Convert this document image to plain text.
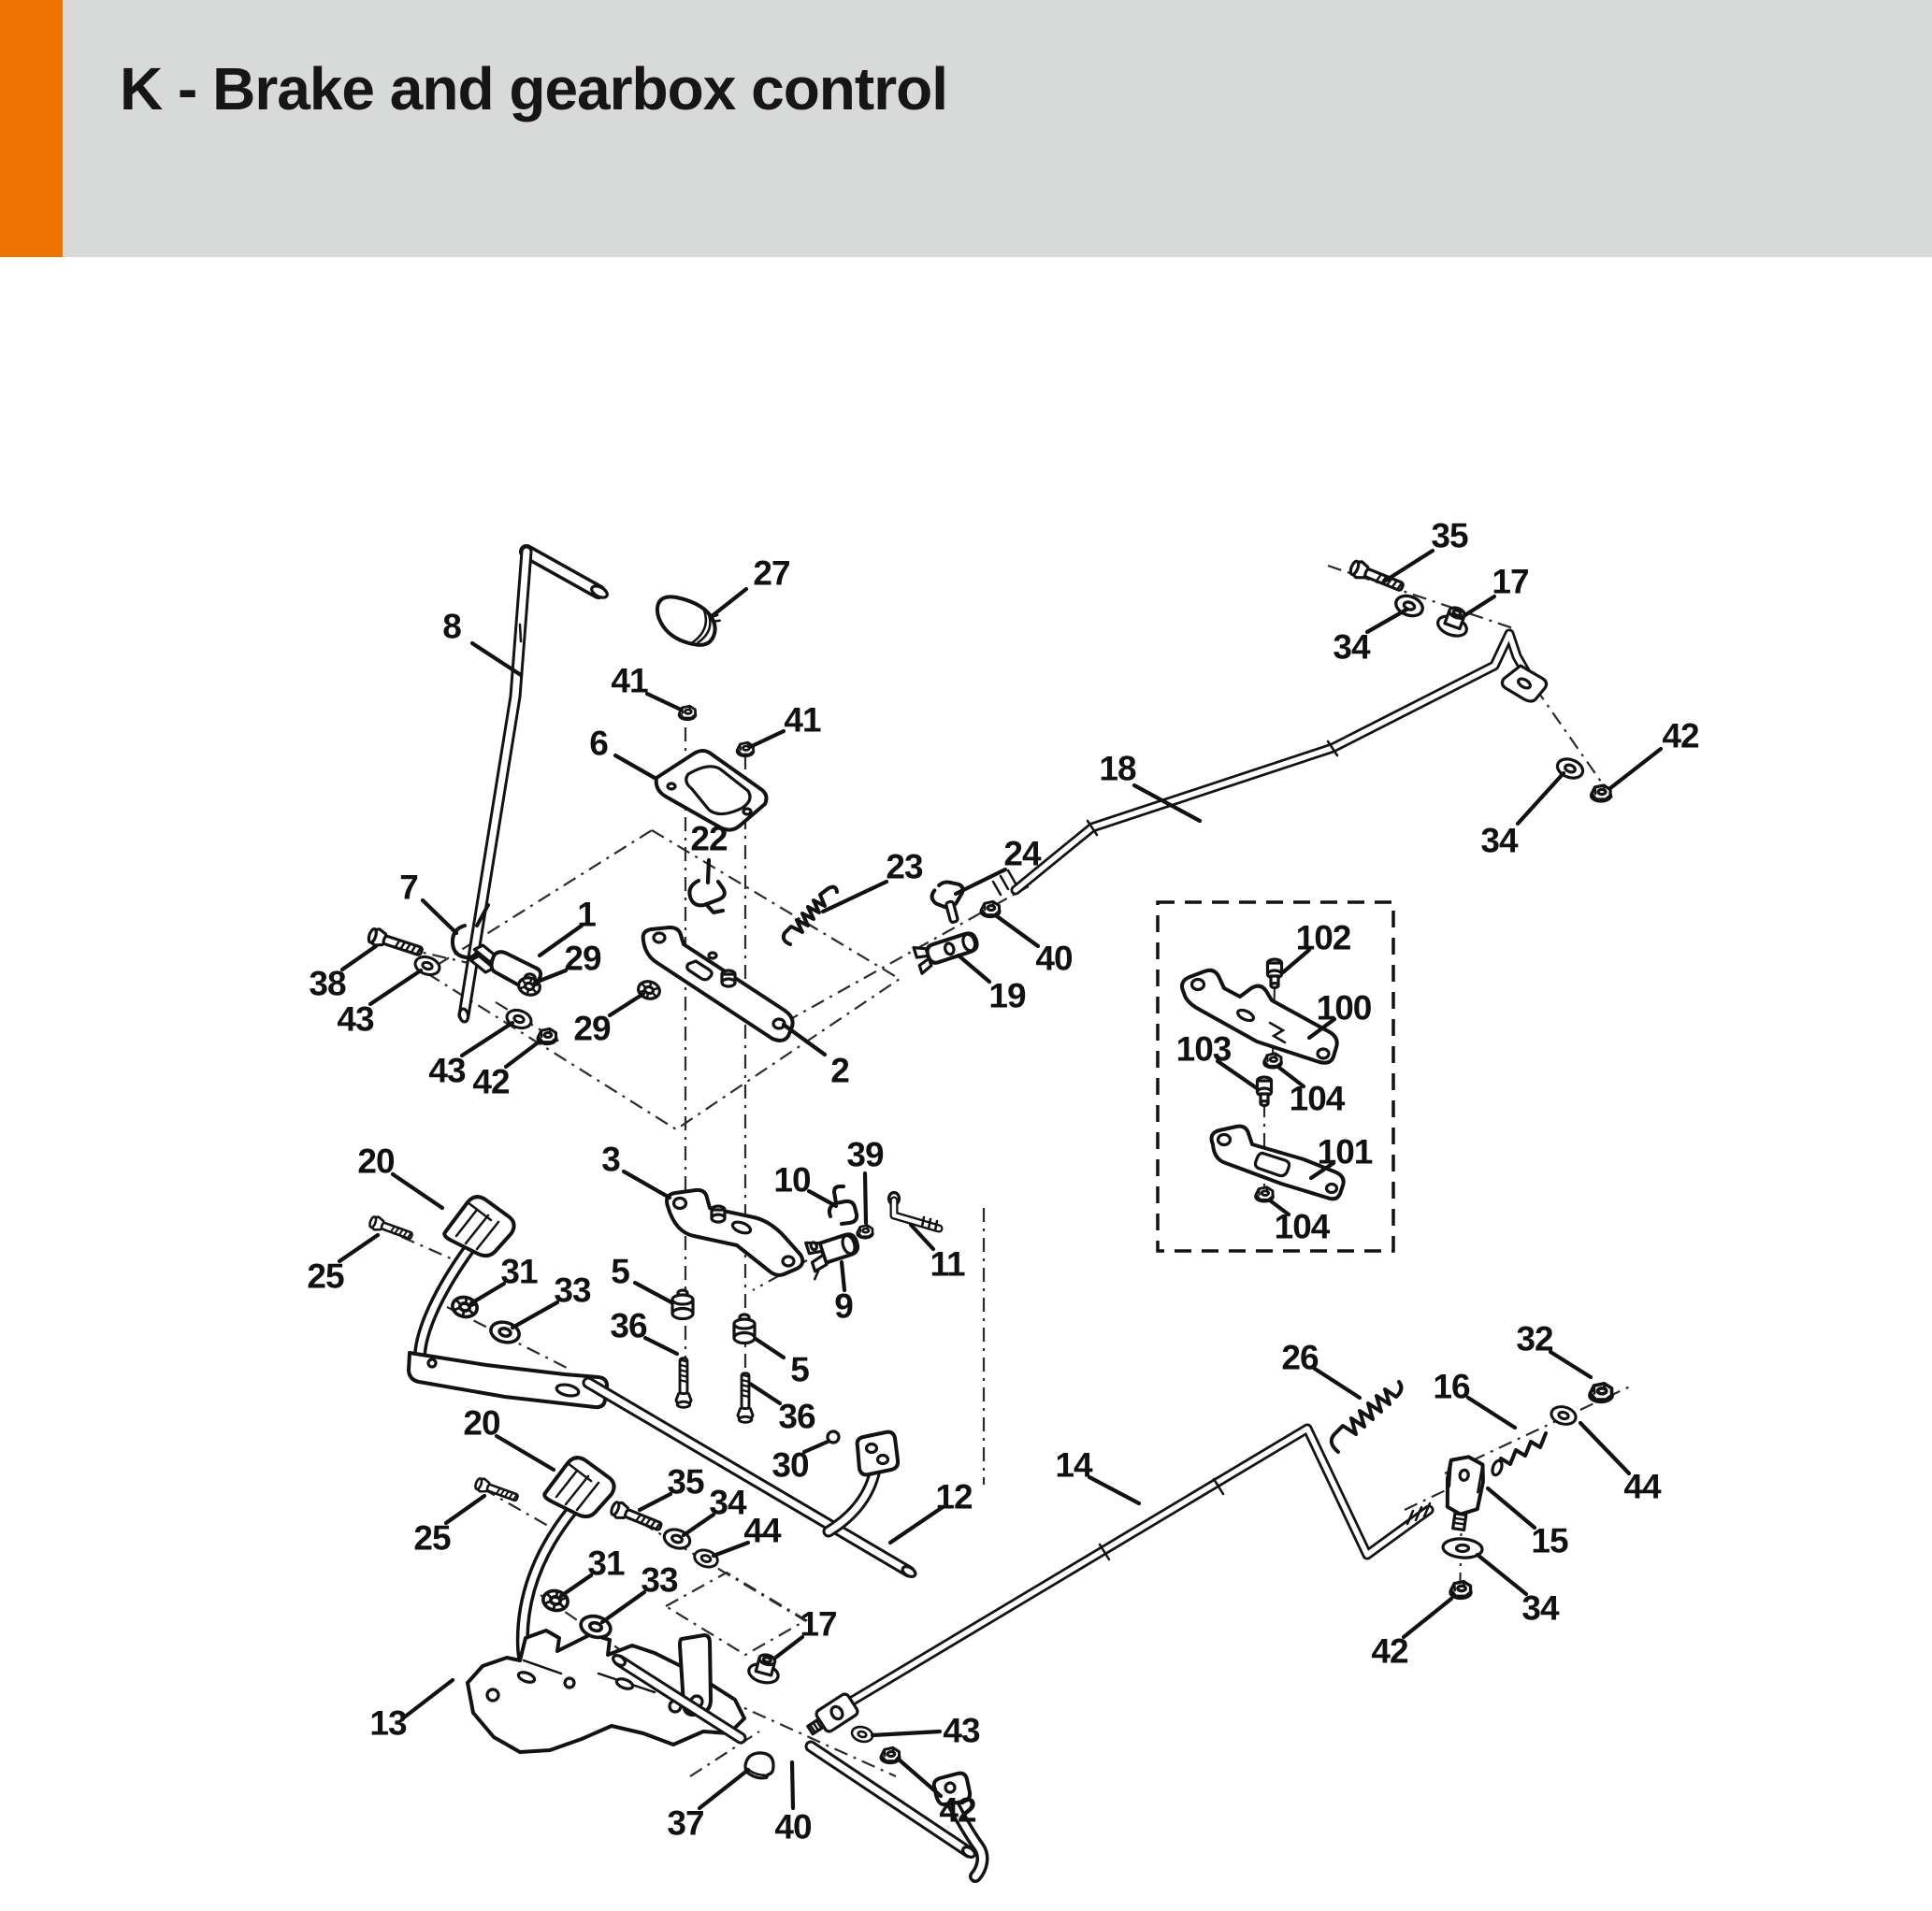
K - Brake and gearbox control
8
27
41
41
6
7
22
23 24
40
19
18
35
17
34
42
34
2
1
29
38
43
43 42
29
3
10
39
11
9
5
36
5
36
30
20
25	31 33
20
25
35
34
44
31 33
13
17
43
42
37 40
12
14
26
16
32
44
15
34
42
102
100
103
104
101
104
